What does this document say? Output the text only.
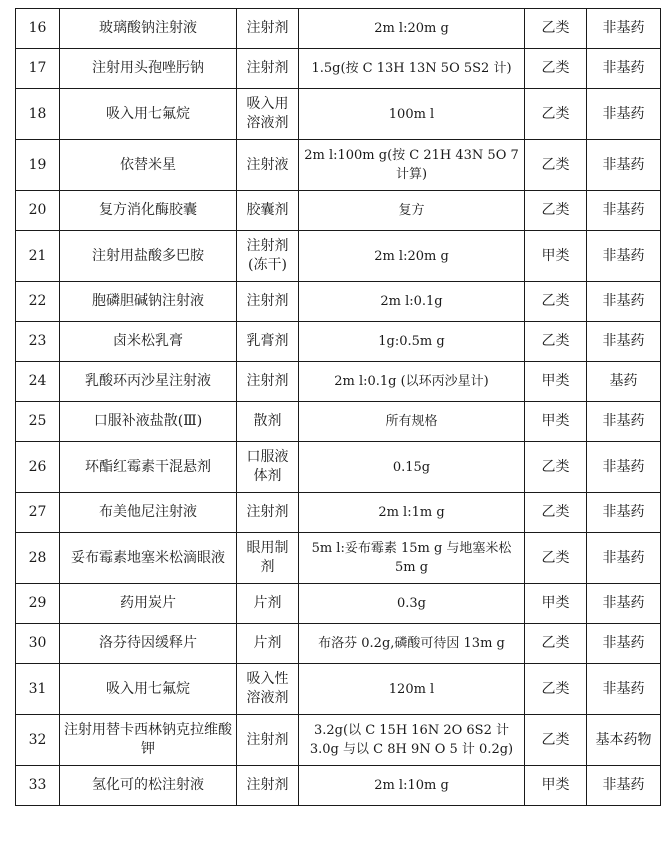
16	玻璃酸钠注射液	注射剂	2m l:20m g	乙类	非基药
17	注射用头孢唑肟钠	注射剂	1.5g(按 C 13H 13N 5O 5S2 计)	乙类	非基药
18	吸入用七氟烷	吸入用溶液剂	100m l	乙类	非基药
19	依替米星	注射液	2m l:100m g(按 C 21H 43N 5O 7 计算)	乙类	非基药
20	复方消化酶胶囊	胶囊剂	复方	乙类	非基药
21	注射用盐酸多巴胺	注射剂(冻干)	2m l:20m g	甲类	非基药
22	胞磷胆碱钠注射液	注射剂	2m l:0.1g	乙类	非基药
23	卤米松乳膏	乳膏剂	1g:0.5m g	乙类	非基药
24	乳酸环丙沙星注射液	注射剂	2m l:0.1g (以环丙沙星计)	甲类	基药
25	口服补液盐散(Ⅲ)	散剂	所有规格	甲类	非基药
26	环酯红霉素干混悬剂	口服液体剂	0.15g	乙类	非基药
27	布美他尼注射液	注射剂	2m l:1m g	乙类	非基药
28	妥布霉素地塞米松滴眼液	眼用制剂	5m l:妥布霉素 15m g 与地塞米松 5m g	乙类	非基药
29	药用炭片	片剂	0.3g	甲类	非基药
30	洛芬待因缓释片	片剂	布洛芬 0.2g,磷酸可待因 13m g	乙类	非基药
31	吸入用七氟烷	吸入性溶液剂	120m l	乙类	非基药
32	注射用替卡西林钠克拉维酸钾	注射剂	3.2g(以 C 15H 16N 2O 6S2 计 3.0g 与以 C 8H 9N O 5 计 0.2g)	乙类	基本药物
33	氢化可的松注射液	注射剂	2m l:10m g	甲类	非基药
